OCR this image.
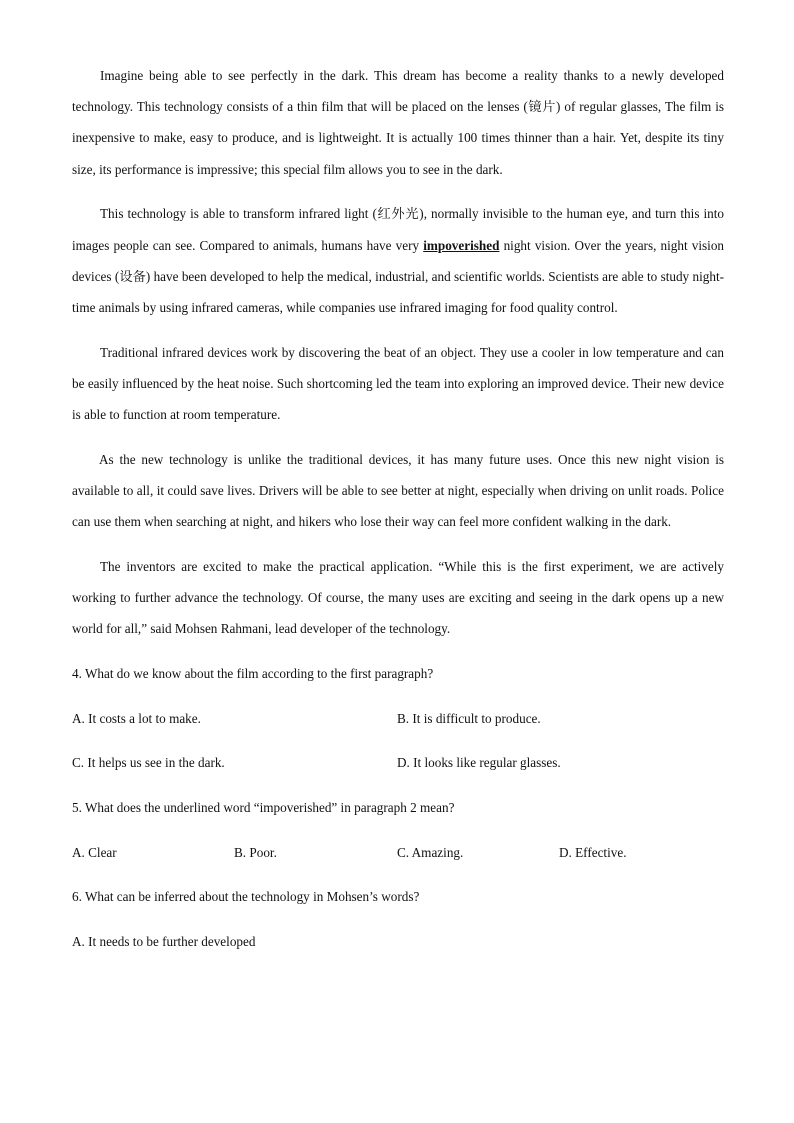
Imagine being able to see perfectly in the dark. This dream has become a reality thanks to a newly developed technology. This technology consists of a thin film that will be placed on the lenses (镜片) of regular glasses, The film is inexpensive to make, easy to produce, and is lightweight. It is actually 100 times thinner than a hair. Yet, despite its tiny size, its performance is impressive; this special film allows you to see in the dark.

This technology is able to transform infrared light (红外光), normally invisible to the human eye, and turn this into images people can see. Compared to animals, humans have very impoverished night vision. Over the years, night vision devices (设备) have been developed to help the medical, industrial, and scientific worlds. Scientists are able to study night-time animals by using infrared cameras, while companies use infrared imaging for food quality control.

Traditional infrared devices work by discovering the beat of an object. They use a cooler in low temperature and can be easily influenced by the heat noise. Such shortcoming led the team into exploring an improved device. Their new device is able to function at room temperature.

As the new technology is unlike the traditional devices, it has many future uses. Once this new night vision is available to all, it could save lives. Drivers will be able to see better at night, especially when driving on unlit roads. Police can use them when searching at night, and hikers who lose their way can feel more confident walking in the dark.

The inventors are excited to make the practical application. “While this is the first experiment, we are actively working to further advance the technology. Of course, the many uses are exciting and seeing in the dark opens up a new world for all,” said Mohsen Rahmani, lead developer of the technology.

4. What do we know about the film according to the first paragraph?
A. It costs a lot to make.	B. It is difficult to produce.
C. It helps us see in the dark.	D. It looks like regular glasses.
5. What does the underlined word “impoverished” in paragraph 2 mean?
A. Clear	B. Poor.	C. Amazing.	D. Effective.
6. What can be inferred about the technology in Mohsen’s words?
A. It needs to be further developed
